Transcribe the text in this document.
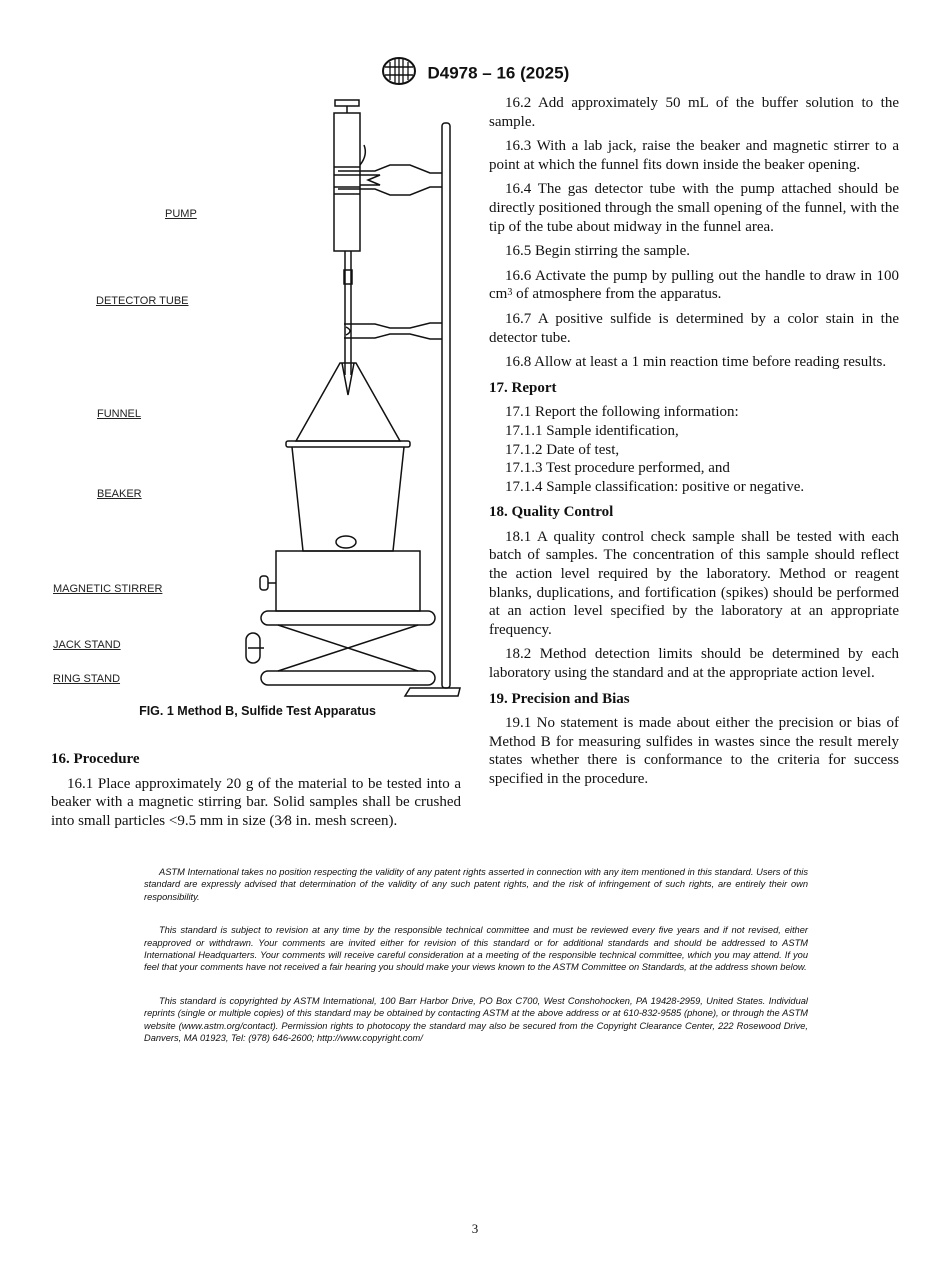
D4978 – 16 (2025)
PUMP
DETECTOR TUBE
FUNNEL
BEAKER
MAGNETIC STIRRER
JACK STAND
RING STAND
FIG. 1 Method B, Sulfide Test Apparatus
16. Procedure

16.1 Place approximately 20 g of the material to be tested into a beaker with a magnetic stirring bar. Solid samples shall be crushed into small particles <9.5 mm in size (3⁄8 in. mesh screen).

16.2 Add approximately 50 mL of the buffer solution to the sample.

16.3 With a lab jack, raise the beaker and magnetic stirrer to a point at which the funnel fits down inside the beaker opening.

16.4 The gas detector tube with the pump attached should be directly positioned through the small opening of the funnel, with the tip of the tube about midway in the funnel area.

16.5 Begin stirring the sample.

16.6 Activate the pump by pulling out the handle to draw in 100 $cm^3$ of atmosphere from the apparatus.

16.7 A positive sulfide is determined by a color stain in the detector tube.

16.8 Allow at least a 1 min reaction time before reading results.

17. Report

17.1 Report the following information:

17.1.1 Sample identification,

17.1.2 Date of test,

17.1.3 Test procedure performed, and

17.1.4 Sample classification: positive or negative.

18. Quality Control

18.1 A quality control check sample shall be tested with each batch of samples. The concentration of this sample should reflect the action level required by the laboratory. Method or reagent blanks, duplications, and fortification (spikes) should be performed at an action level specified by the laboratory at an appropriate frequency.

18.2 Method detection limits should be determined by each laboratory using the standard and at the appropriate action level.

19. Precision and Bias

19.1 No statement is made about either the precision or bias of Method B for measuring sulfides in wastes since the result merely states whether there is conformance to the criteria for success specified in the procedure.

ASTM International takes no position respecting the validity of any patent rights asserted in connection with any item mentioned in this standard. Users of this standard are expressly advised that determination of the validity of any such patent rights, and the risk of infringement of such rights, are entirely their own responsibility.

This standard is subject to revision at any time by the responsible technical committee and must be reviewed every five years and if not revised, either reapproved or withdrawn. Your comments are invited either for revision of this standard or for additional standards and should be addressed to ASTM International Headquarters. Your comments will receive careful consideration at a meeting of the responsible technical committee, which you may attend. If you feel that your comments have not received a fair hearing you should make your views known to the ASTM Committee on Standards, at the address shown below.

This standard is copyrighted by ASTM International, 100 Barr Harbor Drive, PO Box C700, West Conshohocken, PA 19428-2959, United States. Individual reprints (single or multiple copies) of this standard may be obtained by contacting ASTM at the above address or at 610-832-9585 (phone), or through the ASTM website (www.astm.org/contact). Permission rights to photocopy the standard may also be secured from the Copyright Clearance Center, 222 Rosewood Drive, Danvers, MA 01923, Tel: (978) 646-2600; http://www.copyright.com/

3
